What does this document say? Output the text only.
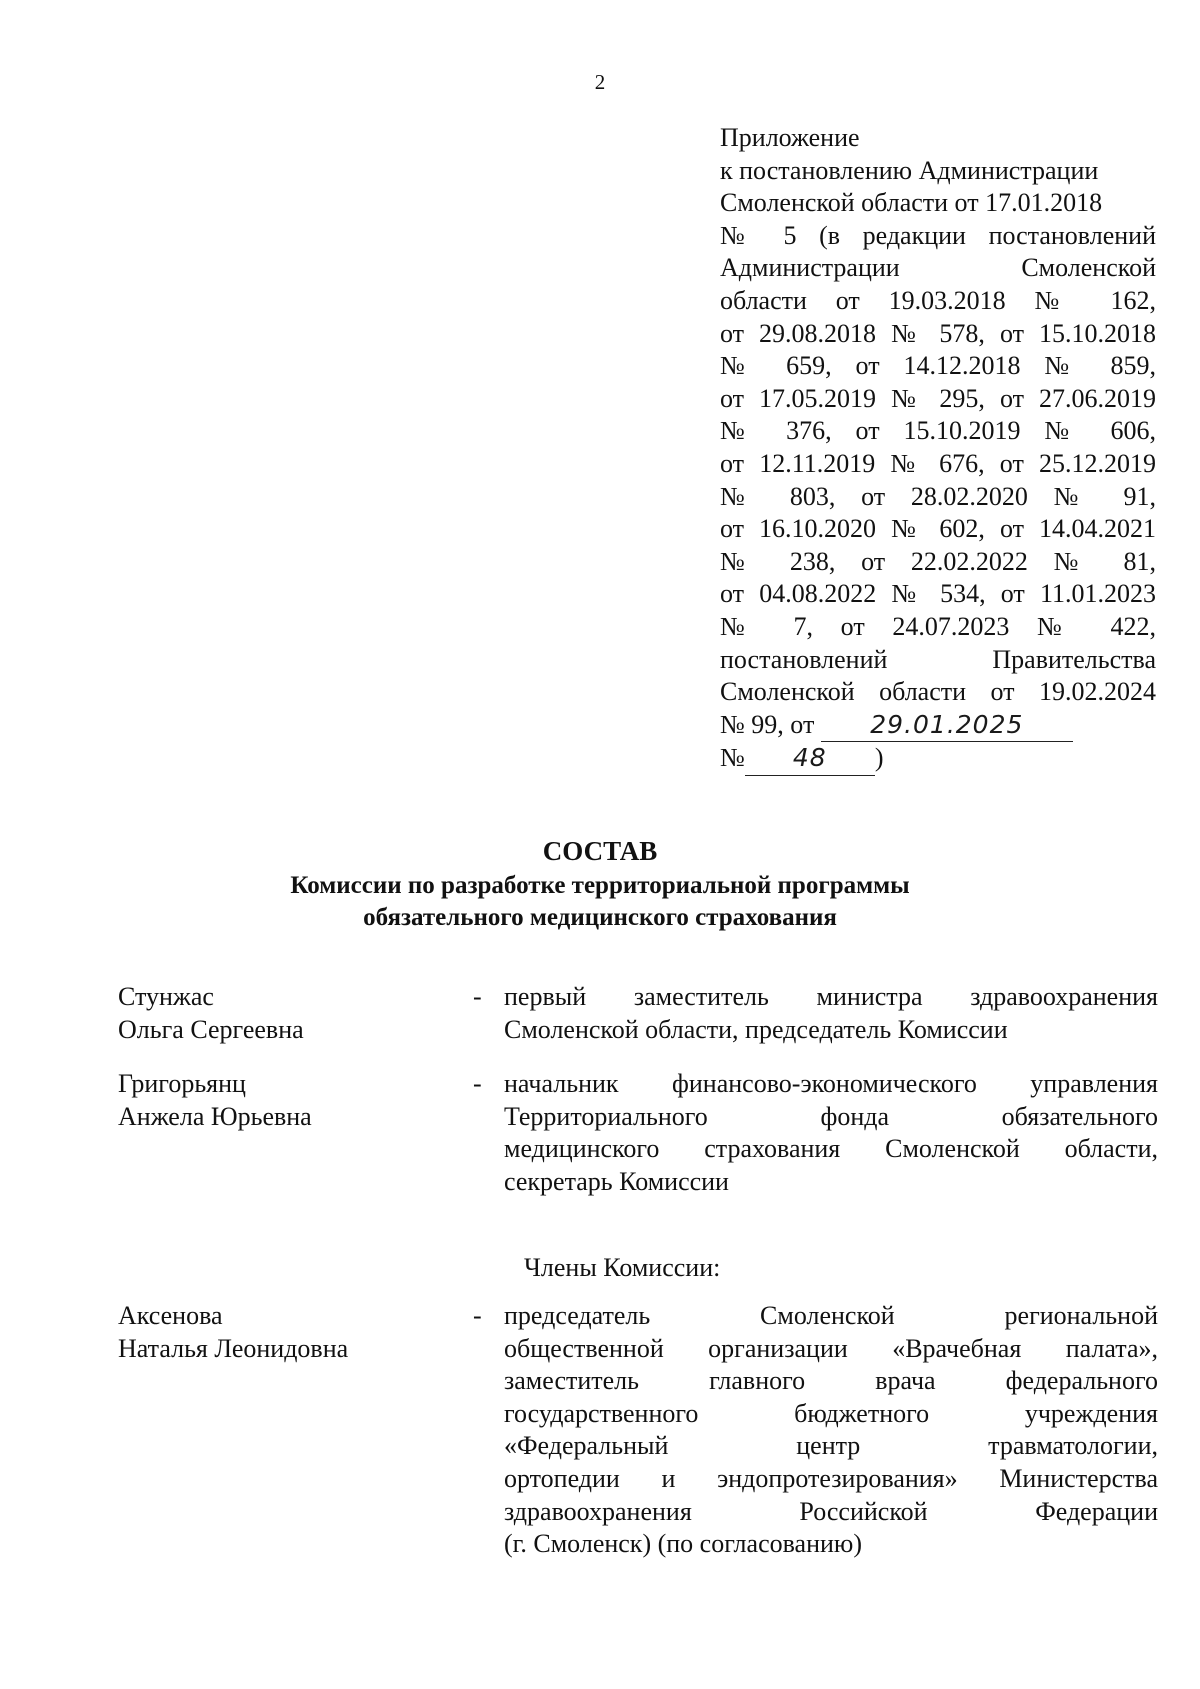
2
Приложение
к постановлению Администрации
Смоленской области от 17.01.2018
№ 5 (в редакции постановлений
Администрации Смоленской
области от 19.03.2018 № 162,
от 29.08.2018 № 578, от 15.10.2018
№ 659, от 14.12.2018 № 859,
от 17.05.2019 № 295, от 27.06.2019
№ 376, от 15.10.2019 № 606,
от 12.11.2019 № 676, от 25.12.2019
№ 803, от 28.02.2020 № 91,
от 16.10.2020 № 602, от 14.04.2021
№ 238, от 22.02.2022 № 81,
от 04.08.2022 № 534, от 11.01.2023
№ 7, от 24.07.2023 № 422,
постановлений Правительства
Смоленской области от 19.02.2024
№ 99, от 29.01.2025
№ 48 )
СОСТАВ
Комиссии по разработке территориальной программы
обязательного медицинского страхования
Стунжас
Ольга Сергеевна
- первый заместитель министра здравоохранения
Смоленской области, председатель Комиссии
Григорьянц
Анжела Юрьевна
- начальник финансово-экономического управления
Территориального фонда обязательного
медицинского страхования Смоленской области,
секретарь Комиссии
Члены Комиссии:
Аксенова
Наталья Леонидовна
- председатель Смоленской региональной
общественной организации «Врачебная палата»,
заместитель главного врача федерального
государственного бюджетного учреждения
«Федеральный центр травматологии,
ортопедии и эндопротезирования» Министерства
здравоохранения Российской Федерации
(г. Смоленск) (по согласованию)
